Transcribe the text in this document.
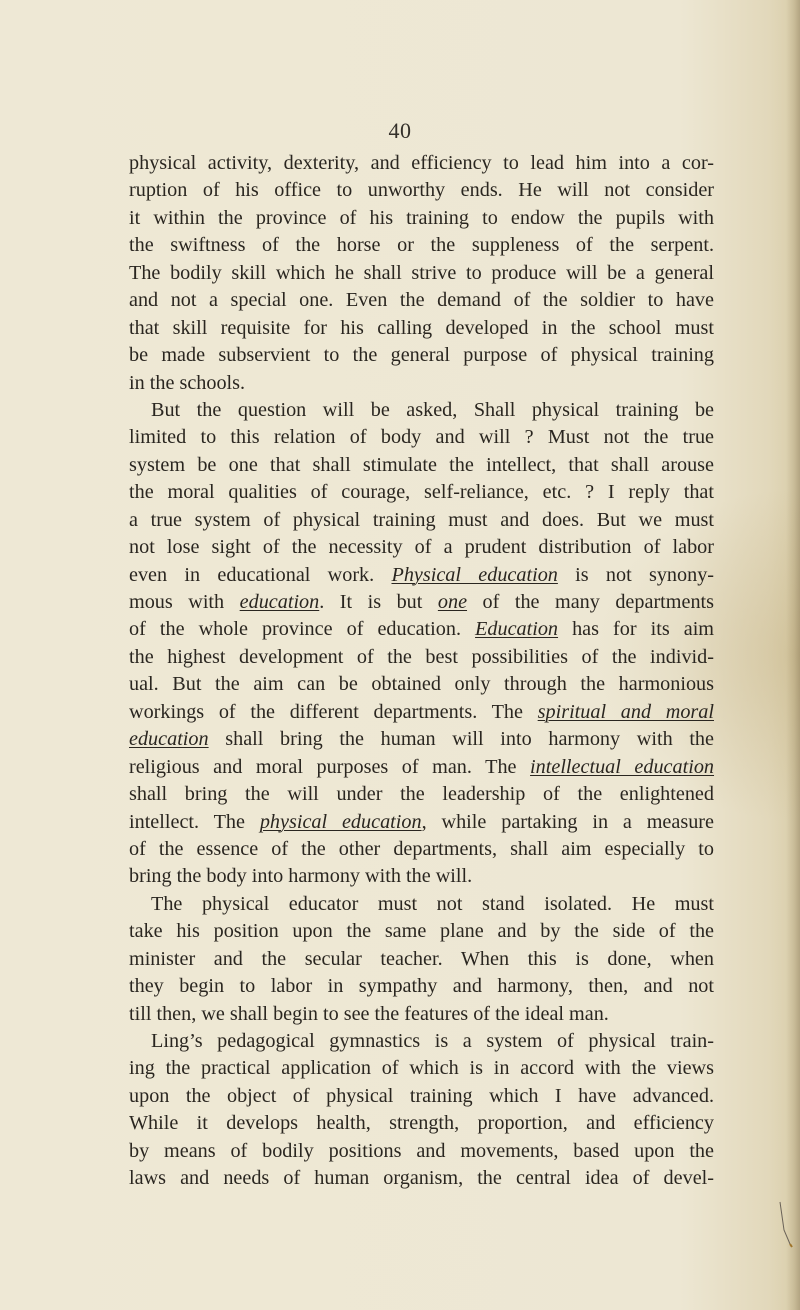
40
physical activity, dexterity, and efficiency to lead him into a cor-
ruption of his office to unworthy ends. He will not consider
it within the province of his training to endow the pupils with
the swiftness of the horse or the suppleness of the serpent.
The bodily skill which he shall strive to produce will be a general
and not a special one. Even the demand of the soldier to have
that skill requisite for his calling developed in the school must
be made subservient to the general purpose of physical training
in the schools.
But the question will be asked, Shall physical training be
limited to this relation of body and will ? Must not the true
system be one that shall stimulate the intellect, that shall arouse
the moral qualities of courage, self-reliance, etc. ? I reply that
a true system of physical training must and does. But we must
not lose sight of the necessity of a prudent distribution of labor
even in educational work. Physical education is not synony-
mous with education. It is but one of the many departments
of the whole province of education. Education has for its aim
the highest development of the best possibilities of the individ-
ual. But the aim can be obtained only through the harmonious
workings of the different departments. The spiritual and moral
education shall bring the human will into harmony with the
religious and moral purposes of man. The intellectual education
shall bring the will under the leadership of the enlightened
intellect. The physical education, while partaking in a measure
of the essence of the other departments, shall aim especially to
bring the body into harmony with the will.
The physical educator must not stand isolated. He must
take his position upon the same plane and by the side of the
minister and the secular teacher. When this is done, when
they begin to labor in sympathy and harmony, then, and not
till then, we shall begin to see the features of the ideal man.
Ling’s pedagogical gymnastics is a system of physical train-
ing the practical application of which is in accord with the views
upon the object of physical training which I have advanced.
While it develops health, strength, proportion, and efficiency
by means of bodily positions and movements, based upon the
laws and needs of human organism, the central idea of devel-
